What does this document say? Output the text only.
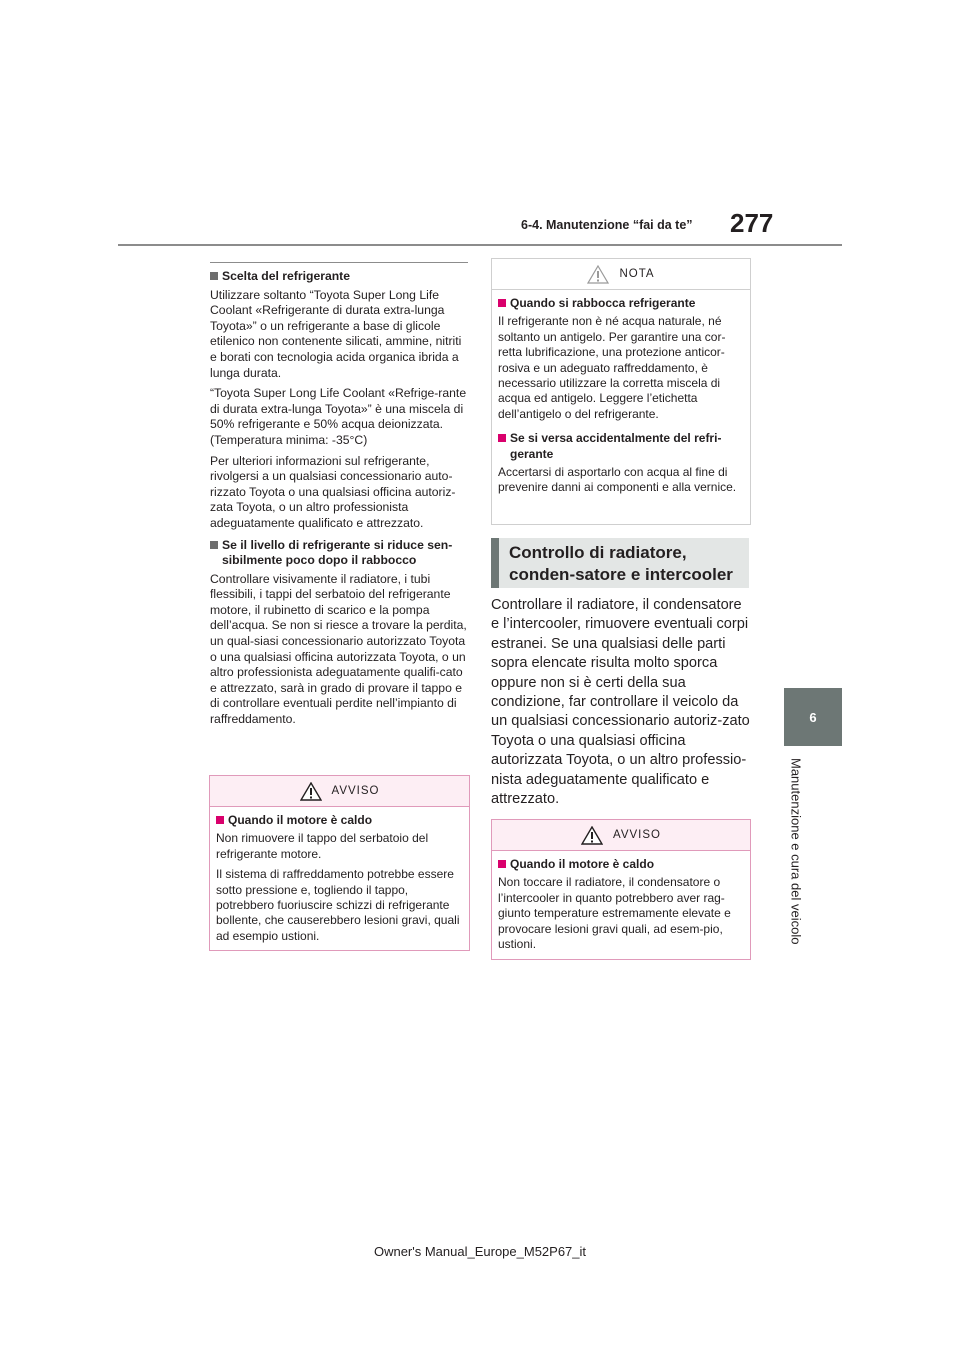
6-4. Manutenzione “fai da te” 277
6
Manutenzione e cura del veicolo
Scelta del refrigerante

Utilizzare soltanto “Toyota Super Long Life Coolant «Refrigerante di durata extra-lunga Toyota»” o un refrigerante a base di glicole etilenico non contenente silicati, ammine, nitriti e borati con tecnologia acida organica ibrida a lunga durata.

“Toyota Super Long Life Coolant «Refrige-rante di durata extra-lunga Toyota»” è una miscela di 50% refrigerante e 50% acqua deionizzata. (Temperatura minima: -35°C)

Per ulteriori informazioni sul refrigerante, rivolgersi a un qualsiasi concessionario auto-rizzato Toyota o una qualsiasi officina autoriz-zata Toyota, o un altro professionista adeguatamente qualificato e attrezzato.

Se il livello di refrigerante si riduce sen-sibilmente poco dopo il rabbocco

Controllare visivamente il radiatore, i tubi flessibili, i tappi del serbatoio del refrigerante motore, il rubinetto di scarico e la pompa dell’acqua. Se non si riesce a trovare la perdita, un qual-siasi concessionario autorizzato Toyota o una qualsiasi officina autorizzata Toyota, o un altro professionista adeguatamente qualifi-cato e attrezzato, sarà in grado di provare il tappo e di controllare eventuali perdite nell’impianto di raffreddamento.

AVVISO
Quando il motore è caldo

Non rimuovere il tappo del serbatoio del refrigerante motore.

Il sistema di raffreddamento potrebbe essere sotto pressione e, togliendo il tappo, potrebbero fuoriuscire schizzi di refrigerante bollente, che causerebbero lesioni gravi, quali ad esempio ustioni.

NOTA
Quando si rabbocca refrigerante

Il refrigerante non è né acqua naturale, né soltanto un antigelo. Per garantire una cor-retta lubrificazione, una protezione anticor-rosiva e un adeguato raffreddamento, è necessario utilizzare la corretta miscela di acqua ed antigelo. Leggere l’etichetta dell’antigelo o del refrigerante.

Se si versa accidentalmente del refri-gerante

Accertarsi di asportarlo con acqua al fine di prevenire danni ai componenti e alla vernice.

Controllo di radiatore, conden-satore e intercooler

Controllare il radiatore, il condensatore e l’intercooler, rimuovere eventuali corpi estranei. Se una qualsiasi delle parti sopra elencate risulta molto sporca oppure non si è certi della sua condizione, far controllare il veicolo da un qualsiasi concessionario autoriz-zato Toyota o una qualsiasi officina autorizzata Toyota, o un altro professio-nista adeguatamente qualificato e attrezzato.

AVVISO
Quando il motore è caldo

Non toccare il radiatore, il condensatore o l’intercooler in quanto potrebbero aver rag-giunto temperature estremamente elevate e provocare lesioni gravi quali, ad esem-pio, ustioni.

Owner's Manual_Europe_M52P67_it
